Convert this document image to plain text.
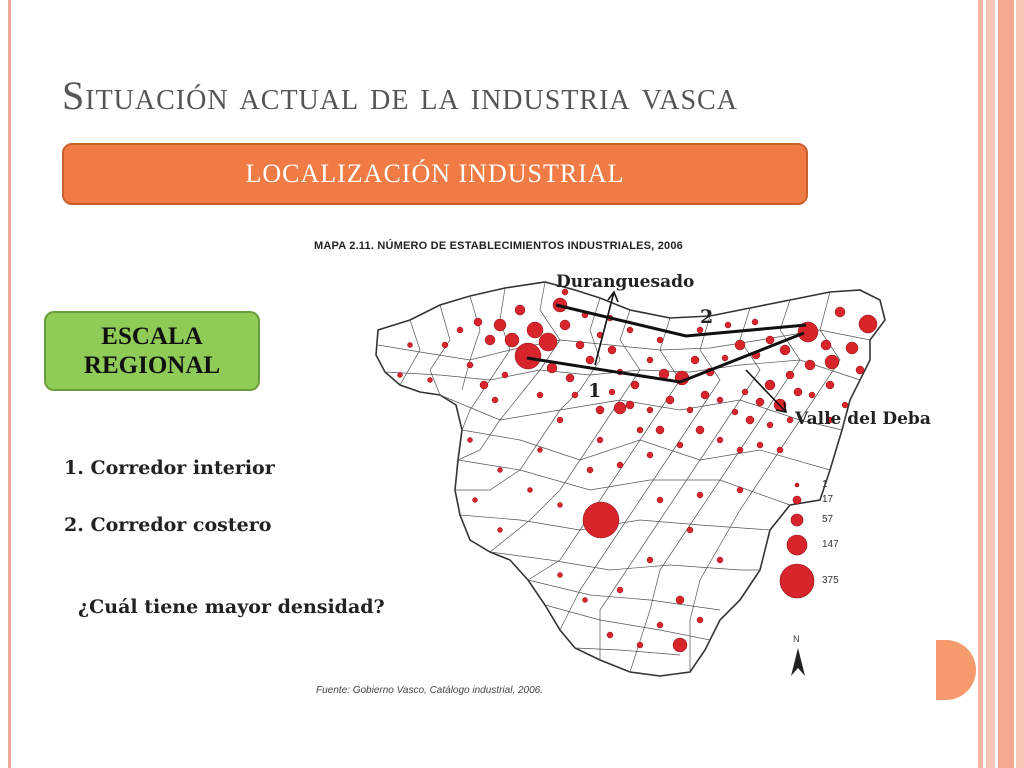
Situación actual de la industria vasca
LOCALIZACIÓN INDUSTRIAL
ESCALA
REGIONAL
1. Corredor interior
2. Corredor costero
¿Cuál tiene mayor densidad?
MAPA 2.11. NÚMERO DE ESTABLECIMIENTOS INDUSTRIALES, 2006
Fuente: Gobierno Vasco, Catálogo industrial, 2006.
Duranguesado
Valle del Deba
1
2
1
17
57
147
375
N
